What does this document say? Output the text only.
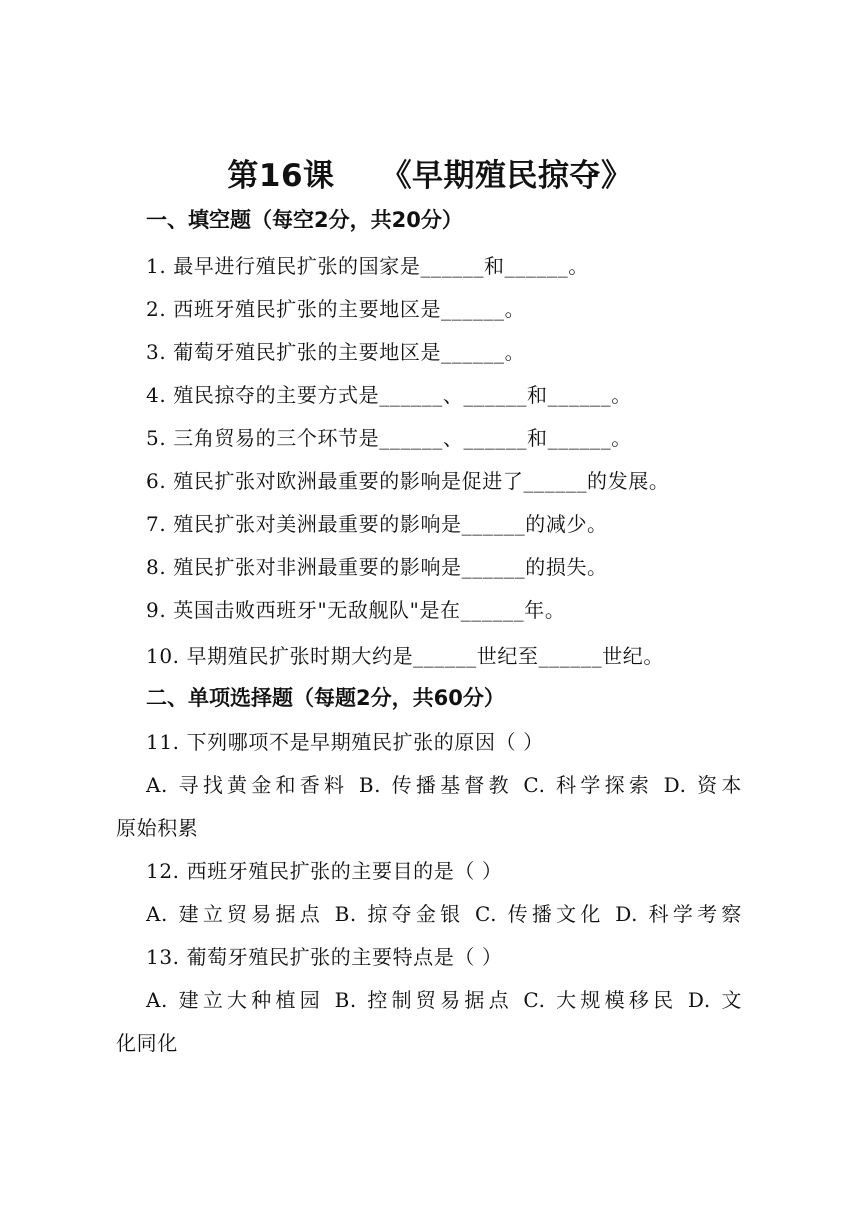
第16课 《早期殖民掠夺》
一、填空题（每空2分，共20分）
1. 最早进行殖民扩张的国家是______和______。
2. 西班牙殖民扩张的主要地区是______。
3. 葡萄牙殖民扩张的主要地区是______。
4. 殖民掠夺的主要方式是______、______和______。
5. 三角贸易的三个环节是______、______和______。
6. 殖民扩张对欧洲最重要的影响是促进了______的发展。
7. 殖民扩张对美洲最重要的影响是______的减少。
8. 殖民扩张对非洲最重要的影响是______的损失。
9. 英国击败西班牙"无敌舰队"是在______年。
10. 早期殖民扩张时期大约是______世纪至______世纪。
二、单项选择题（每题2分，共60分）
11. 下列哪项不是早期殖民扩张的原因（ ）
A. 寻找黄金和香料 B. 传播基督教 C. 科学探索 D. 资本
原始积累
12. 西班牙殖民扩张的主要目的是（ ）
A. 建立贸易据点 B. 掠夺金银 C. 传播文化 D. 科学考察
13. 葡萄牙殖民扩张的主要特点是（ ）
A. 建立大种植园 B. 控制贸易据点 C. 大规模移民 D. 文
化同化
